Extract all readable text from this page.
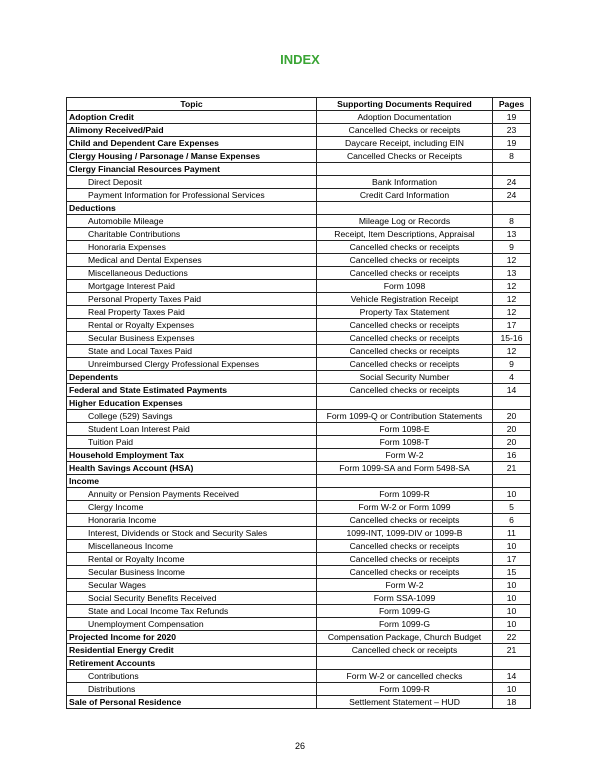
INDEX
Topic	Supporting Documents Required	Pages
Adoption Credit	Adoption Documentation	19
Alimony Received/Paid	Cancelled Checks or receipts	23
Child and Dependent Care Expenses	Daycare Receipt, including EIN	19
Clergy Housing / Parsonage / Manse Expenses	Cancelled Checks or Receipts	8
Clergy Financial Resources Payment		
Direct Deposit	Bank Information	24
Payment Information for Professional Services	Credit Card Information	24
Deductions		
Automobile Mileage	Mileage Log or Records	8
Charitable Contributions	Receipt, Item Descriptions, Appraisal	13
Honoraria Expenses	Cancelled checks or receipts	9
Medical and Dental Expenses	Cancelled checks or receipts	12
Miscellaneous Deductions	Cancelled checks or receipts	13
Mortgage Interest Paid	Form 1098	12
Personal Property Taxes Paid	Vehicle Registration Receipt	12
Real Property Taxes Paid	Property Tax Statement	12
Rental or Royalty Expenses	Cancelled checks or receipts	17
Secular Business Expenses	Cancelled checks or receipts	15-16
State and Local Taxes Paid	Cancelled checks or receipts	12
Unreimbursed Clergy Professional Expenses	Cancelled checks or receipts	9
Dependents	Social Security Number	4
Federal and State Estimated Payments	Cancelled checks or receipts	14
Higher Education Expenses		
College (529) Savings	Form 1099-Q or Contribution Statements	20
Student Loan Interest Paid	Form 1098-E	20
Tuition Paid	Form 1098-T	20
Household Employment Tax	Form W-2	16
Health Savings Account (HSA)	Form 1099-SA and Form 5498-SA	21
Income		
Annuity or Pension Payments Received	Form 1099-R	10
Clergy Income	Form W-2 or Form 1099	5
Honoraria Income	Cancelled checks or receipts	6
Interest, Dividends or Stock and Security Sales	1099-INT, 1099-DIV or 1099-B	11
Miscellaneous Income	Cancelled checks or receipts	10
Rental or Royalty Income	Cancelled checks or receipts	17
Secular Business Income	Cancelled checks or receipts	15
Secular Wages	Form W-2	10
Social Security Benefits Received	Form SSA-1099	10
State and Local Income Tax Refunds	Form 1099-G	10
Unemployment Compensation	Form 1099-G	10
Projected Income for 2020	Compensation Package, Church Budget	22
Residential Energy Credit	Cancelled check or receipts	21
Retirement Accounts		
Contributions	Form W-2 or cancelled checks	14
Distributions	Form 1099-R	10
Sale of Personal Residence	Settlement Statement – HUD	18
26
